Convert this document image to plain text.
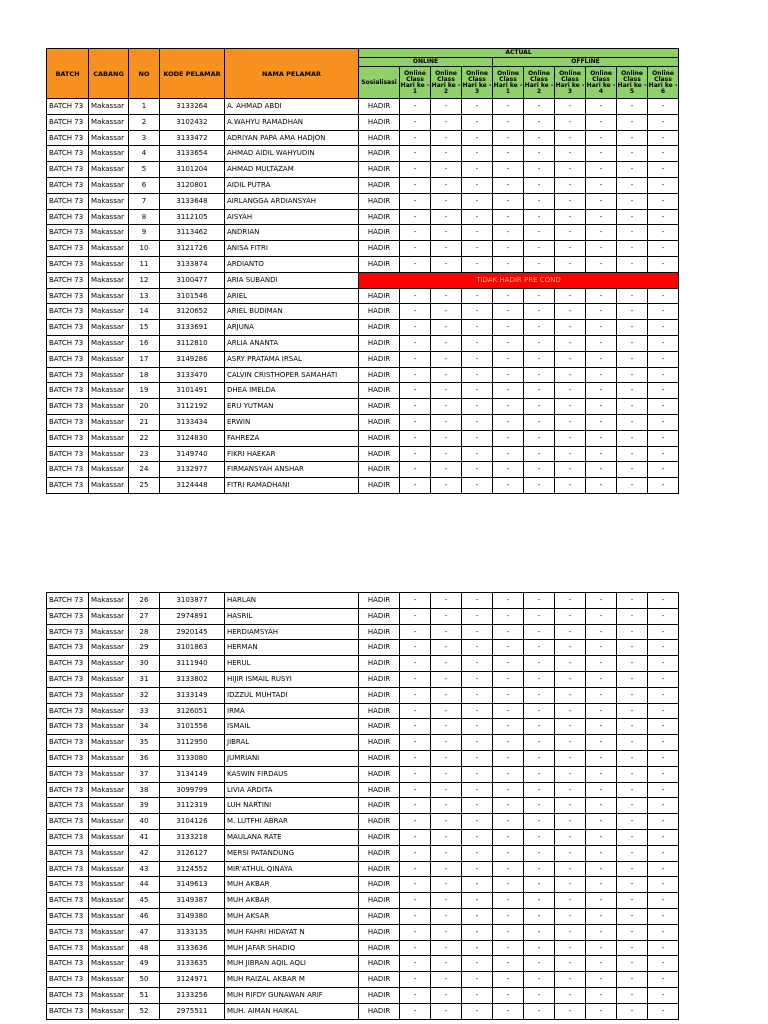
BATCH	CABANG	NO	KODE PELAMAR	NAMA PELAMAR	ACTUAL									
					ONLINE				OFFLINE					
					Sosialisasi	Online Class Hari ke - 1	Online Class Hari ke - 2	Online Class Hari ke - 3	Online Class Hari ke - 1	Online Class Hari ke - 2	Online Class Hari ke - 3	Online Class Hari ke - 4	Online Class Hari ke - 5	Online Class Hari ke - 6
BATCH 73	Makassar	1	3133264	A. AHMAD ABDI	HADIR	-	-	-	-	-	-	-	-	-
BATCH 73	Makassar	2	3102432	A.WAHYU RAMADHAN	HADIR	-	-	-	-	-	-	-	-	-
BATCH 73	Makassar	3	3133472	ADRIYAN PAPA AMA HADJON	HADIR	-	-	-	-	-	-	-	-	-
BATCH 73	Makassar	4	3133654	AHMAD AIDIL WAHYUDIN	HADIR	-	-	-	-	-	-	-	-	-
BATCH 73	Makassar	5	3101204	AHMAD MULTAZAM	HADIR	-	-	-	-	-	-	-	-	-
BATCH 73	Makassar	6	3120801	AIDIL PUTRA	HADIR	-	-	-	-	-	-	-	-	-
BATCH 73	Makassar	7	3133648	AIRLANGGA ARDIANSYAH	HADIR	-	-	-	-	-	-	-	-	-
BATCH 73	Makassar	8	3112105	AISYAH	HADIR	-	-	-	-	-	-	-	-	-
BATCH 73	Makassar	9	3113462	ANDRIAN	HADIR	-	-	-	-	-	-	-	-	-
BATCH 73	Makassar	10	3121726	ANISA FITRI	HADIR	-	-	-	-	-	-	-	-	-
BATCH 73	Makassar	11	3133874	ARDIANTO	HADIR	-	-	-	-	-	-	-	-	-
BATCH 73	Makassar	12	3100477	ARIA SUBANDI	TIDAK HADIR PRE COND									
BATCH 73	Makassar	13	3101546	ARIEL	HADIR	-	-	-	-	-	-	-	-	-
BATCH 73	Makassar	14	3120652	ARIEL BUDIMAN	HADIR	-	-	-	-	-	-	-	-	-
BATCH 73	Makassar	15	3133691	ARJUNA	HADIR	-	-	-	-	-	-	-	-	-
BATCH 73	Makassar	16	3112810	ARLIA ANANTA	HADIR	-	-	-	-	-	-	-	-	-
BATCH 73	Makassar	17	3149286	ASRY PRATAMA IRSAL	HADIR	-	-	-	-	-	-	-	-	-
BATCH 73	Makassar	18	3133470	CALVIN CRISTHOPER SAMAHATI	HADIR	-	-	-	-	-	-	-	-	-
BATCH 73	Makassar	19	3101491	DHEA IMELDA	HADIR	-	-	-	-	-	-	-	-	-
BATCH 73	Makassar	20	3112192	ERU YUTMAN	HADIR	-	-	-	-	-	-	-	-	-
BATCH 73	Makassar	21	3133434	ERWIN	HADIR	-	-	-	-	-	-	-	-	-
BATCH 73	Makassar	22	3124830	FAHREZA	HADIR	-	-	-	-	-	-	-	-	-
BATCH 73	Makassar	23	3149740	FIKRI HAEKAR	HADIR	-	-	-	-	-	-	-	-	-
BATCH 73	Makassar	24	3132977	FIRMANSYAH ANSHAR	HADIR	-	-	-	-	-	-	-	-	-
BATCH 73	Makassar	25	3124448	FITRI RAMADHANI	HADIR	-	-	-	-	-	-	-	-	-
BATCH 73	Makassar	26	3103877	HARLAN	HADIR	-	-	-	-	-	-	-	-	-
BATCH 73	Makassar	27	2974891	HASRIL	HADIR	-	-	-	-	-	-	-	-	-
BATCH 73	Makassar	28	2920145	HERDIAMSYAH	HADIR	-	-	-	-	-	-	-	-	-
BATCH 73	Makassar	29	3101863	HERMAN	HADIR	-	-	-	-	-	-	-	-	-
BATCH 73	Makassar	30	3111940	HERUL	HADIR	-	-	-	-	-	-	-	-	-
BATCH 73	Makassar	31	3133802	HIJIR ISMAIL RUSYI	HADIR	-	-	-	-	-	-	-	-	-
BATCH 73	Makassar	32	3133149	IDZZUL MUHTADI	HADIR	-	-	-	-	-	-	-	-	-
BATCH 73	Makassar	33	3126051	IRMA	HADIR	-	-	-	-	-	-	-	-	-
BATCH 73	Makassar	34	3101556	ISMAIL	HADIR	-	-	-	-	-	-	-	-	-
BATCH 73	Makassar	35	3112950	JIBRAL	HADIR	-	-	-	-	-	-	-	-	-
BATCH 73	Makassar	36	3133080	JUMRIANI	HADIR	-	-	-	-	-	-	-	-	-
BATCH 73	Makassar	37	3134149	KASWIN FIRDAUS	HADIR	-	-	-	-	-	-	-	-	-
BATCH 73	Makassar	38	3099799	LIVIA ARDITA	HADIR	-	-	-	-	-	-	-	-	-
BATCH 73	Makassar	39	3112319	LUH NARTINI	HADIR	-	-	-	-	-	-	-	-	-
BATCH 73	Makassar	40	3104126	M. LUTFHI ABRAR	HADIR	-	-	-	-	-	-	-	-	-
BATCH 73	Makassar	41	3133218	MAULANA RATE	HADIR	-	-	-	-	-	-	-	-	-
BATCH 73	Makassar	42	3126127	MERSI PATANDUNG	HADIR	-	-	-	-	-	-	-	-	-
BATCH 73	Makassar	43	3124552	MIR'ATHUL QINAYA	HADIR	-	-	-	-	-	-	-	-	-
BATCH 73	Makassar	44	3149613	MUH AKBAR	HADIR	-	-	-	-	-	-	-	-	-
BATCH 73	Makassar	45	3149387	MUH AKBAR	HADIR	-	-	-	-	-	-	-	-	-
BATCH 73	Makassar	46	3149380	MUH AKSAR	HADIR	-	-	-	-	-	-	-	-	-
BATCH 73	Makassar	47	3133135	MUH FAHRI HIDAYAT N	HADIR	-	-	-	-	-	-	-	-	-
BATCH 73	Makassar	48	3133636	MUH JAFAR SHADIQ	HADIR	-	-	-	-	-	-	-	-	-
BATCH 73	Makassar	49	3133635	MUH JIBRAN AQIL AQLI	HADIR	-	-	-	-	-	-	-	-	-
BATCH 73	Makassar	50	3124971	MUH RAIZAL AKBAR M	HADIR	-	-	-	-	-	-	-	-	-
BATCH 73	Makassar	51	3133256	MUH RIFDY GUNAWAN ARIF	HADIR	-	-	-	-	-	-	-	-	-
BATCH 73	Makassar	52	2975511	MUH. AIMAN HAIKAL	HADIR	-	-	-	-	-	-	-	-	-
